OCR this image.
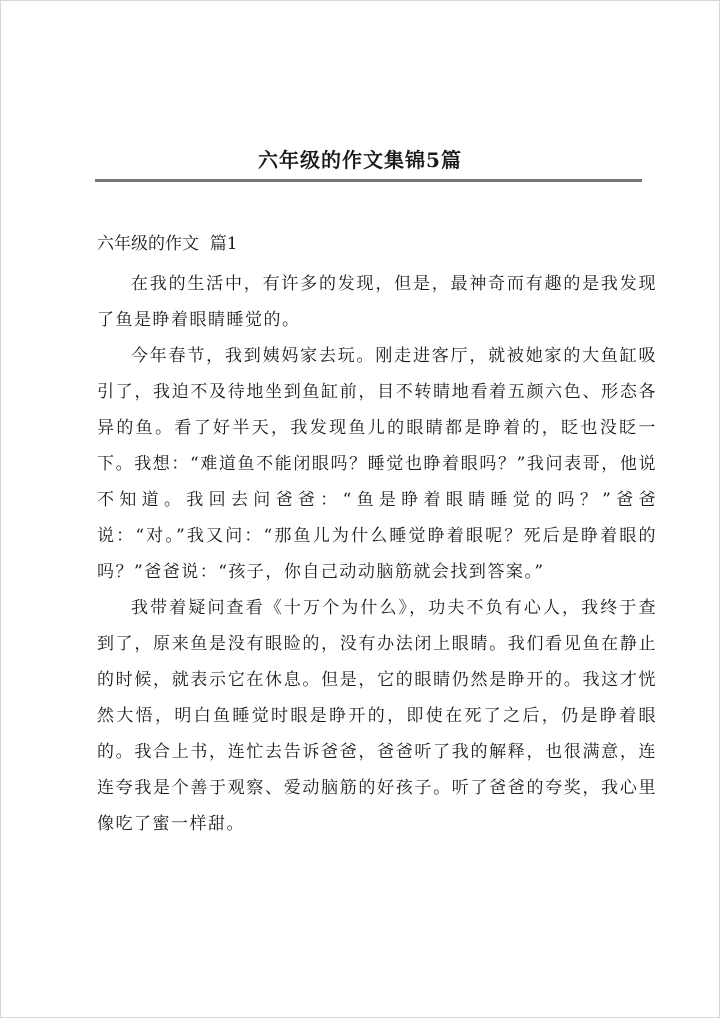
六年级的作文集锦5篇
六年级的作文  篇1

在我的生活中，有许多的发现，但是，最神奇而有趣的是我发现了鱼是睁着眼睛睡觉的。

今年春节，我到姨妈家去玩。刚走进客厅，就被她家的大鱼缸吸引了，我迫不及待地坐到鱼缸前，目不转睛地看着五颜六色、形态各异的鱼。看了好半天，我发现鱼儿的眼睛都是睁着的，眨也没眨一下。我想：“难道鱼不能闭眼吗？睡觉也睁着眼吗？”我问表哥，他说不知道。我回去问爸爸：“鱼是睁着眼睛睡觉的吗？”爸爸说：“对。”我又问：“那鱼儿为什么睡觉睁着眼呢？死后是睁着眼的吗？”爸爸说：“孩子，你自己动动脑筋就会找到答案。”

我带着疑问查看《十万个为什么》，功夫不负有心人，我终于查到了，原来鱼是没有眼睑的，没有办法闭上眼睛。我们看见鱼在静止的时候，就表示它在休息。但是，它的眼睛仍然是睁开的。我这才恍然大悟，明白鱼睡觉时眼是睁开的，即使在死了之后，仍是睁着眼的。我合上书，连忙去告诉爸爸，爸爸听了我的解释，也很满意，连连夸我是个善于观察、爱动脑筋的好孩子。听了爸爸的夸奖，我心里像吃了蜜一样甜。
